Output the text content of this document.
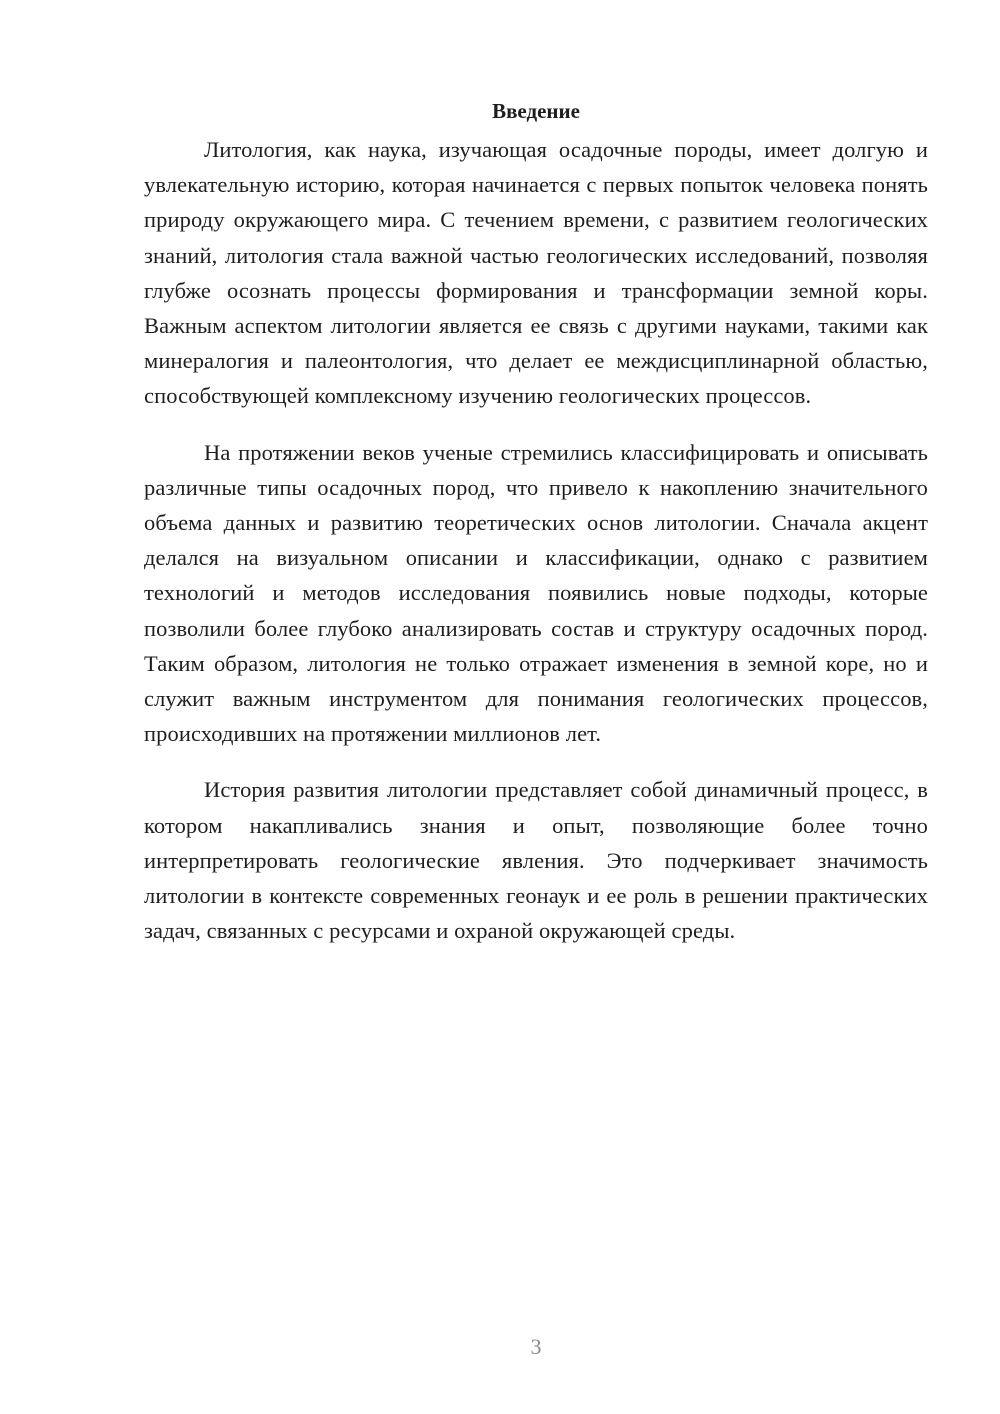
Введение

Литология, как наука, изучающая осадочные породы, имеет долгую и увлекательную историю, которая начинается с первых попыток человека понять природу окружающего мира. С течением времени, с развитием геологических знаний, литология стала важной частью геологических исследований, позволяя глубже осознать процессы формирования и трансформации земной коры. Важным аспектом литологии является ее связь с другими науками, такими как минералогия и палеонтология, что делает ее междисциплинарной областью, способствующей комплексному изучению геологических процессов.

На протяжении веков ученые стремились классифицировать и описывать различные типы осадочных пород, что привело к накоплению значительного объема данных и развитию теоретических основ литологии. Сначала акцент делался на визуальном описании и классификации, однако с развитием технологий и методов исследования появились новые подходы, которые позволили более глубоко анализировать состав и структуру осадочных пород. Таким образом, литология не только отражает изменения в земной коре, но и служит важным инструментом для понимания геологических процессов, происходивших на протяжении миллионов лет.

История развития литологии представляет собой динамичный процесс, в котором накапливались знания и опыт, позволяющие более точно интерпретировать геологические явления. Это подчеркивает значимость литологии в контексте современных геонаук и ее роль в решении практических задач, связанных с ресурсами и охраной окружающей среды.

3
